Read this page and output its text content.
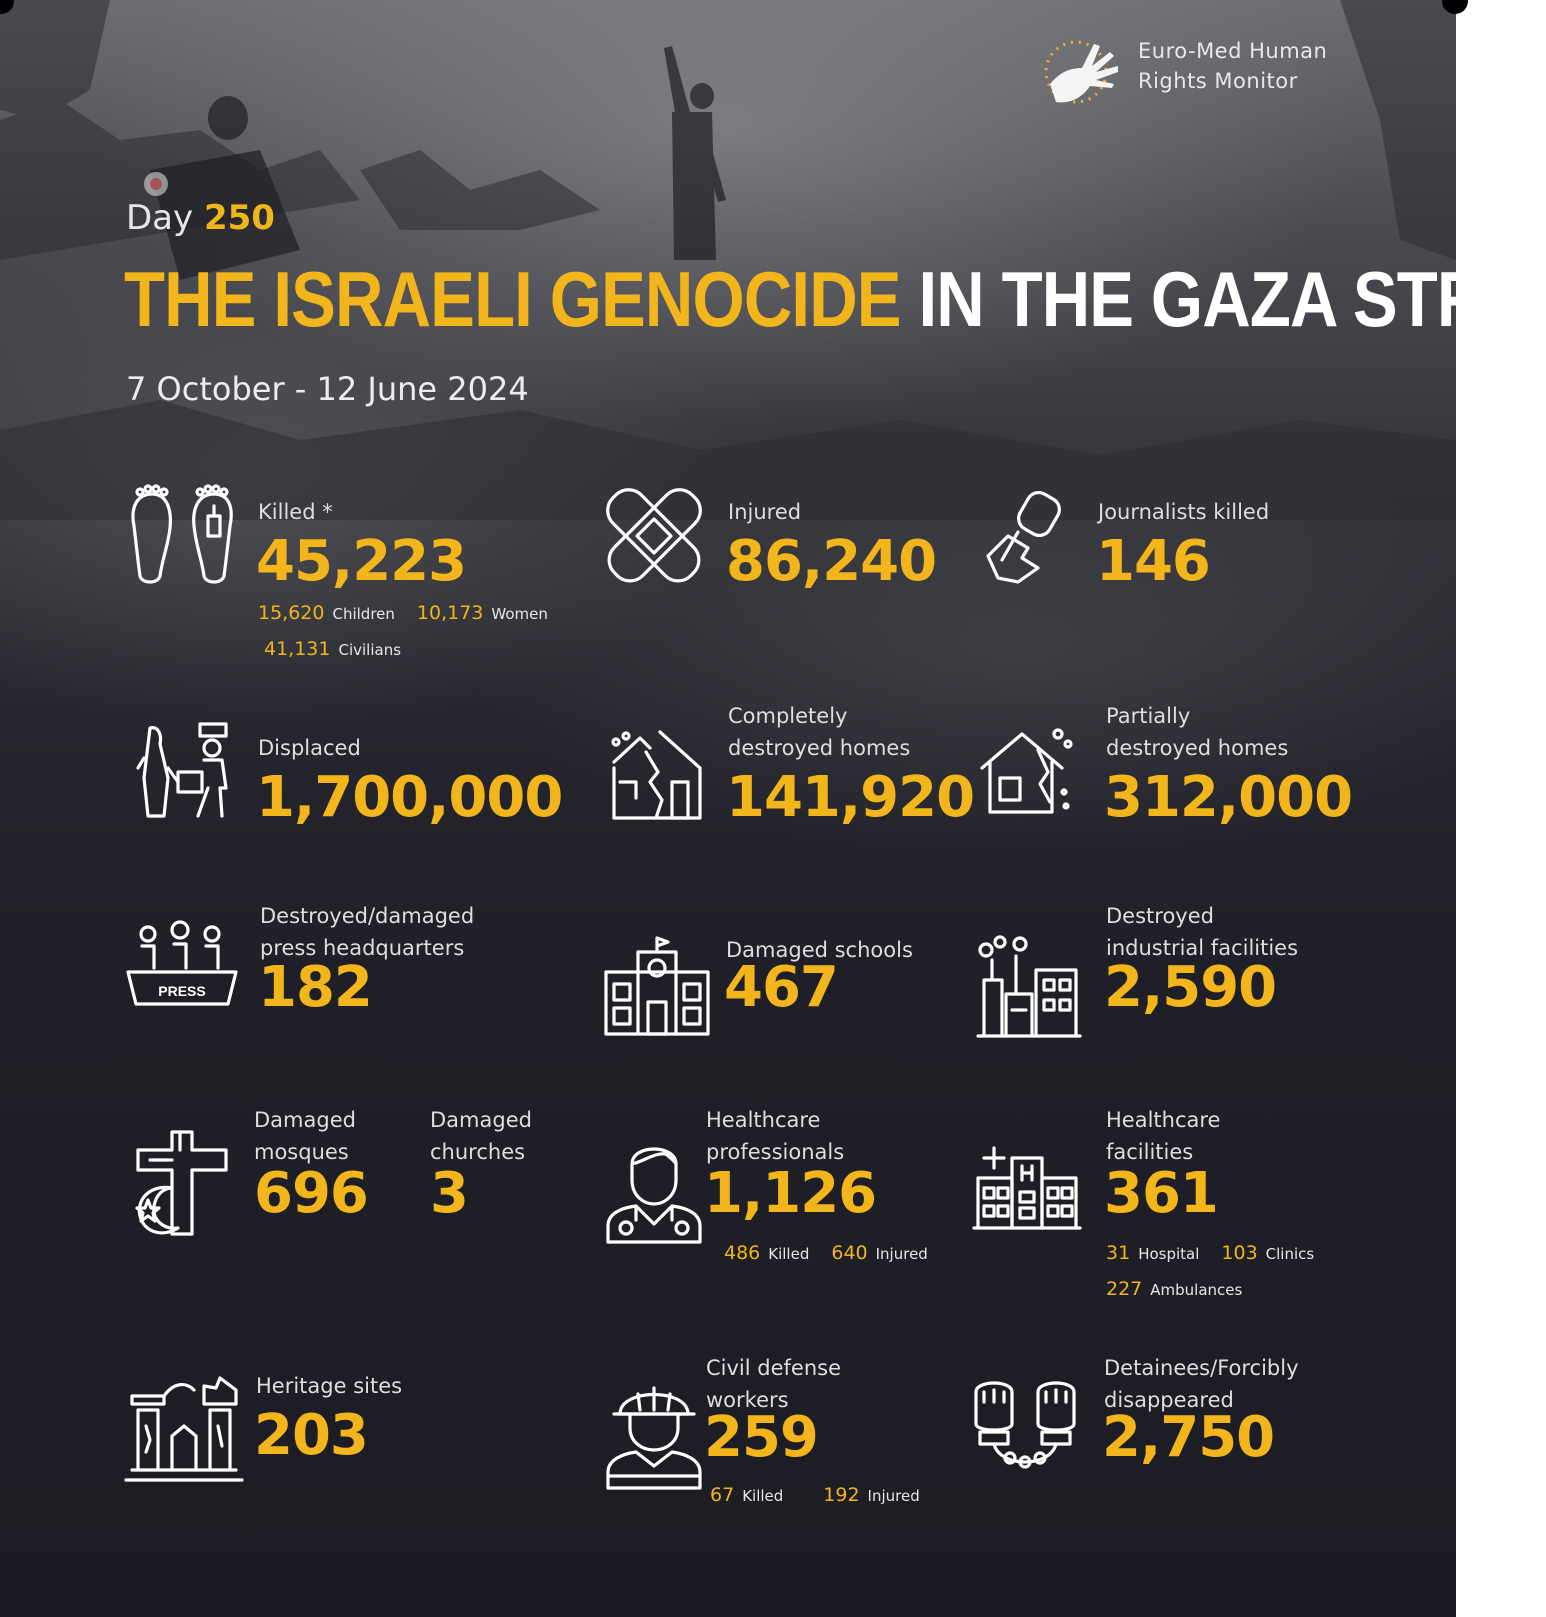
Euro-Med Human
Rights Monitor
Day 250
THE ISRAELI GENOCIDE IN THE GAZA STRIP
7 October - 12 June 2024
Killed *
45,223
15,620 Children 10,173 Women
41,131 Civilians
Injured
86,240
Journalists killed
146
Displaced
1,700,000
Completely
destroyed homes
141,920
Partially
destroyed homes
312,000
PRESS
Destroyed/damaged
press headquarters
182
Damaged schools
467
Destroyed
industrial facilities
2,590
Damaged
mosques
696
Damaged
churches
3
Healthcare
professionals
1,126
486 Killed 640 Injured
Healthcare
facilities
361
31 Hospital 103 Clinics
227 Ambulances
Heritage sites
203
Civil defense
workers
259
67 Killed 192 Injured
Detainees/Forcibly
disappeared
2,750
